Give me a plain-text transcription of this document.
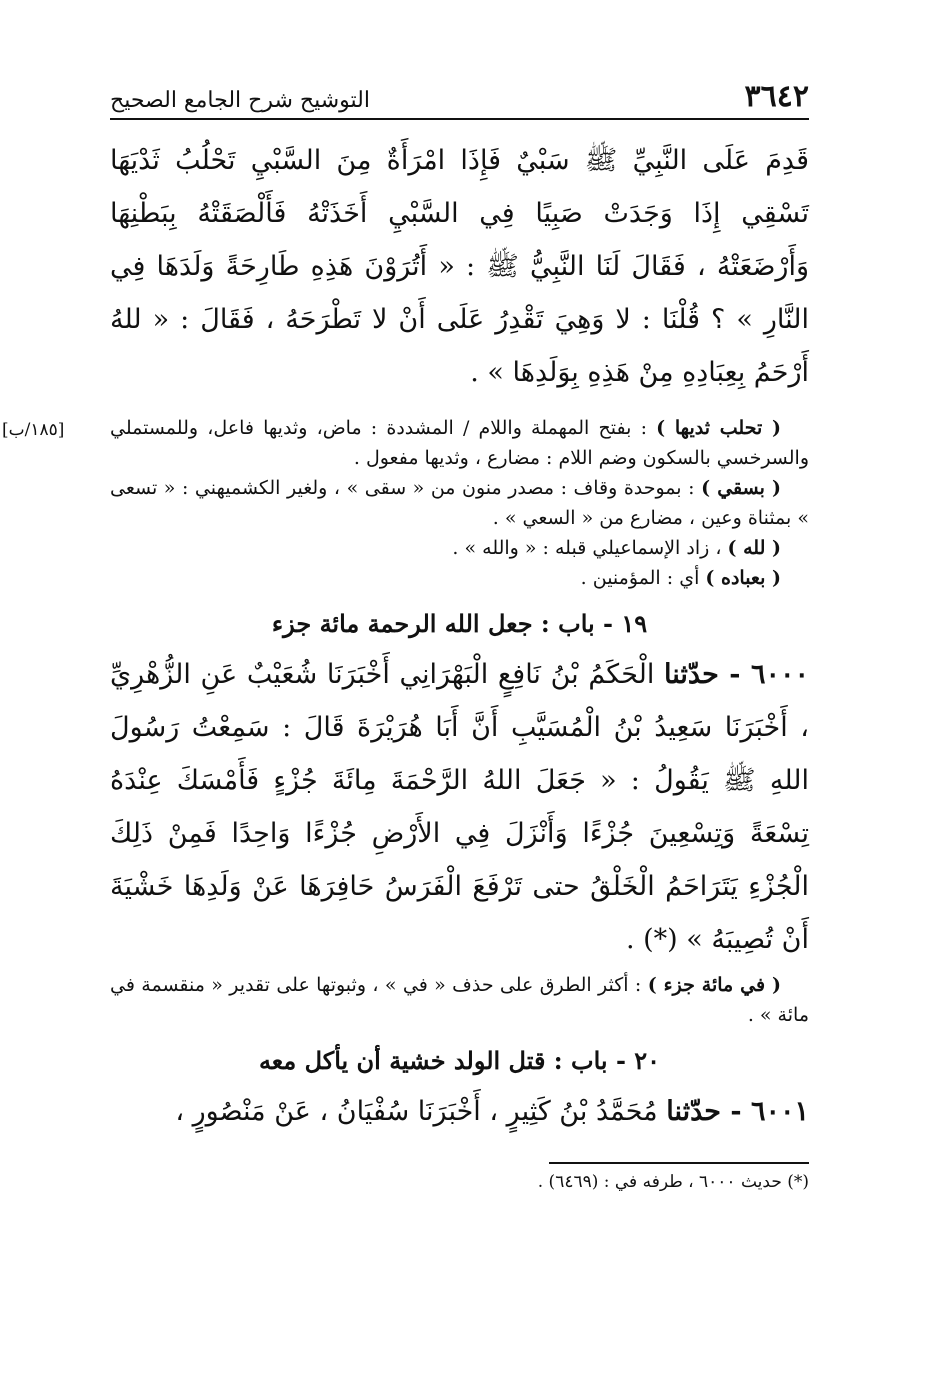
٣٦٤٢
التوشيح شرح الجامع الصحيح

قَدِمَ عَلَى النَّبِيِّ ﷺ سَبْيٌ فَإِذَا امْرَأَةٌ مِنَ السَّبْيِ تَحْلُبُ ثَدْيَهَا تَسْقِي إِذَا وَجَدَتْ صَبِيًا فِي السَّبْيِ أَخَذَتْهُ فَأَلْصَقَتْهُ بِبَطْنِهَا وَأَرْضَعَتْهُ ، فَقَالَ لَنَا النَّبِيُّ ﷺ : « أَتُرَوْنَ هَذِهِ طَارِحَةً وَلَدَهَا فِي النَّارِ » ؟ قُلْنَا : لا وَهِيَ تَقْدِرُ عَلَى أَنْ لا تَطْرَحَهُ ، فَقَالَ : « للهُ أَرْحَمُ بِعِبَادِهِ مِنْ هَذِهِ بِوَلَدِهَا » .

[١٨٥/ب]	( تحلب ثديها ) : بفتح المهملة واللام / المشددة : ماض، وثديها فاعل، وللمستملي والسرخسي بالسكون وضم اللام : مضارع ، وثديها مفعول .

( بسقي ) : بموحدة وقاف : مصدر منون من « سقى » ، ولغير الكشميهني : « تسعى » بمثناة وعين ، مضارع من « السعي » .

( لله ) ، زاد الإسماعيلي قبله : « والله » .

( بعباده ) أي : المؤمنين .

١٩ - باب : جعل الله الرحمة مائة جزء

٦٠٠٠ - حدّثنا الْحَكَمُ بْنُ نَافِعٍ الْبَهْرَانِي أَخْبَرَنَا شُعَيْبٌ عَنِ الزُّهْرِيِّ ، أَخْبَرَنَا سَعِيدُ بْنُ الْمُسَيَّبِ أَنَّ أَبَا هُرَيْرَةَ قَالَ : سَمِعْتُ رَسُولَ اللهِ ﷺ يَقُولُ : « جَعَلَ اللهُ الرَّحْمَةَ مِائَةَ جُزْءٍ فَأَمْسَكَ عِنْدَهُ تِسْعَةً وَتِسْعِينَ جُزْءًا وَأَنْزَلَ فِي الأَرْضِ جُزْءًا وَاحِدًا فَمِنْ ذَلِكَ الْجُزْءِ يَتَرَاحَمُ الْخَلْقُ حتى تَرْفَعَ الْفَرَسُ حَافِرَهَا عَنْ وَلَدِهَا خَشْيَةَ أَنْ تُصِيبَهُ » (*) .

( في مائة جزء ) : أكثر الطرق على حذف « في » ، وثبوتها على تقدير « منقسمة في مائة » .

٢٠ - باب : قتل الولد خشية أن يأكل معه

٦٠٠١ - حدّثنا مُحَمَّدُ بْنُ كَثِيرٍ ، أَخْبَرَنَا سُفْيَانُ ، عَنْ مَنْصُورٍ ،

(*) حديث ٦٠٠٠ ، طرفه في : (٦٤٦٩) .
